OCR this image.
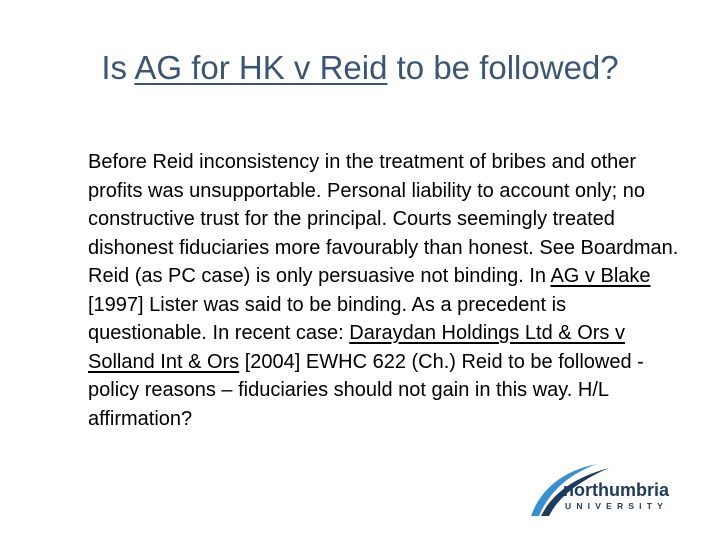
Is AG for HK v Reid to be followed?

Before Reid inconsistency in the treatment of bribes and other profits was unsupportable. Personal liability to account only; no constructive trust for the principal. Courts seemingly treated dishonest fiduciaries more favourably than honest. See Boardman. Reid (as PC case) is only persuasive not binding. In AG v Blake [1997] Lister was said to be binding. As a precedent is questionable. In recent case: Daraydan Holdings Ltd & Ors v Solland Int & Ors [2004] EWHC 622 (Ch.) Reid to be followed - policy reasons – fiduciaries should not gain in this way. H/L affirmation?

northumbria
UNIVERSITY
